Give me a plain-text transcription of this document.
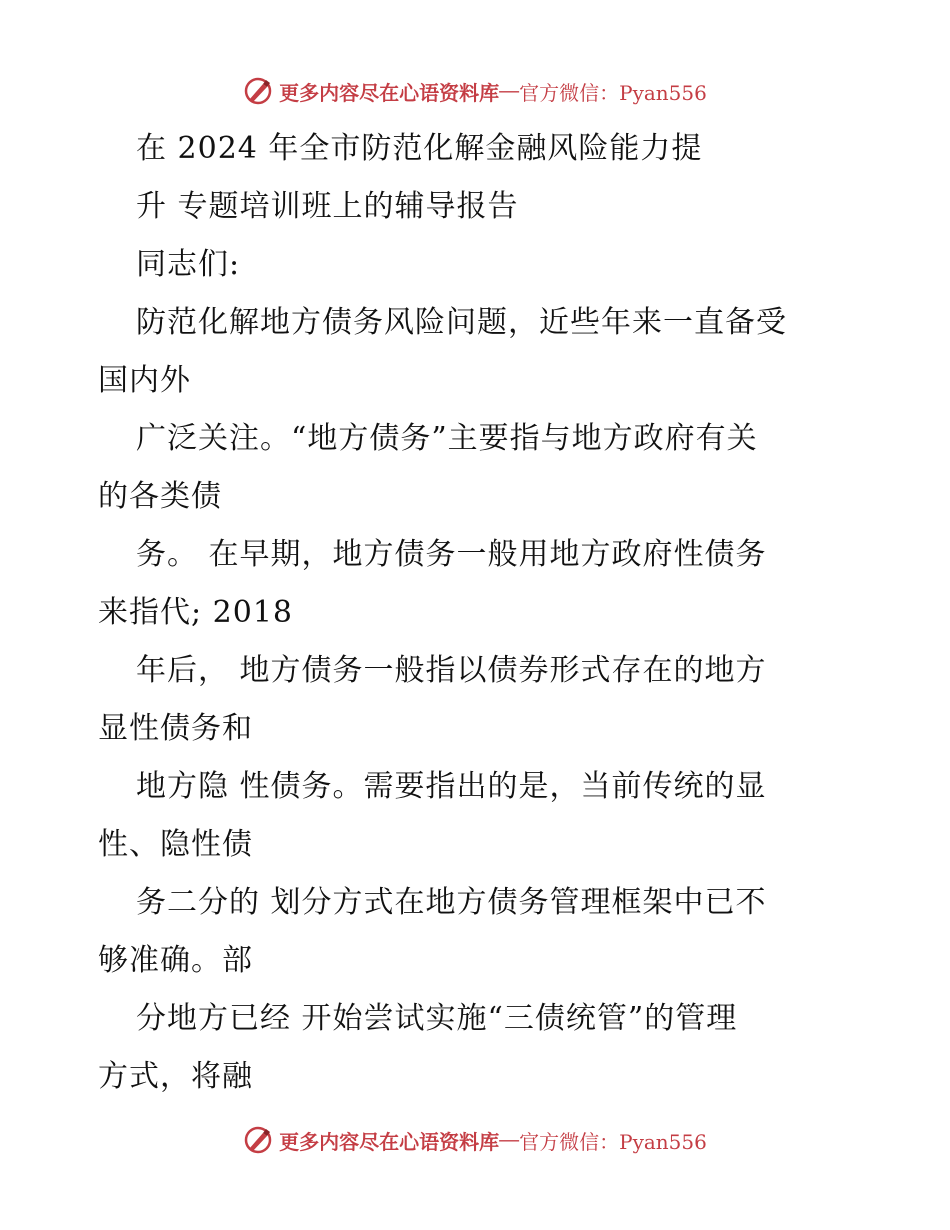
更多内容尽在心语资料库 — 官方微信：Pyan556
在 2024 年全市防范化解金融风险能力提
升 专题培训班上的辅导报告
同志们:
防范化解地方债务风险问题，近些年来一直备受
国内外
广泛关注。“地方债务”主要指与地方政府有关
的各类债
务。 在早期，地方债务一般用地方政府性债务
来指代; 2018
年后， 地方债务一般指以债券形式存在的地方
显性债务和
地方隐 性债务。需要指出的是，当前传统的显
性、隐性债
务二分的 划分方式在地方债务管理框架中已不
够准确。部
分地方已经 开始尝试实施“三债统管”的管理
方式，将融
更多内容尽在心语资料库 — 官方微信：Pyan556
